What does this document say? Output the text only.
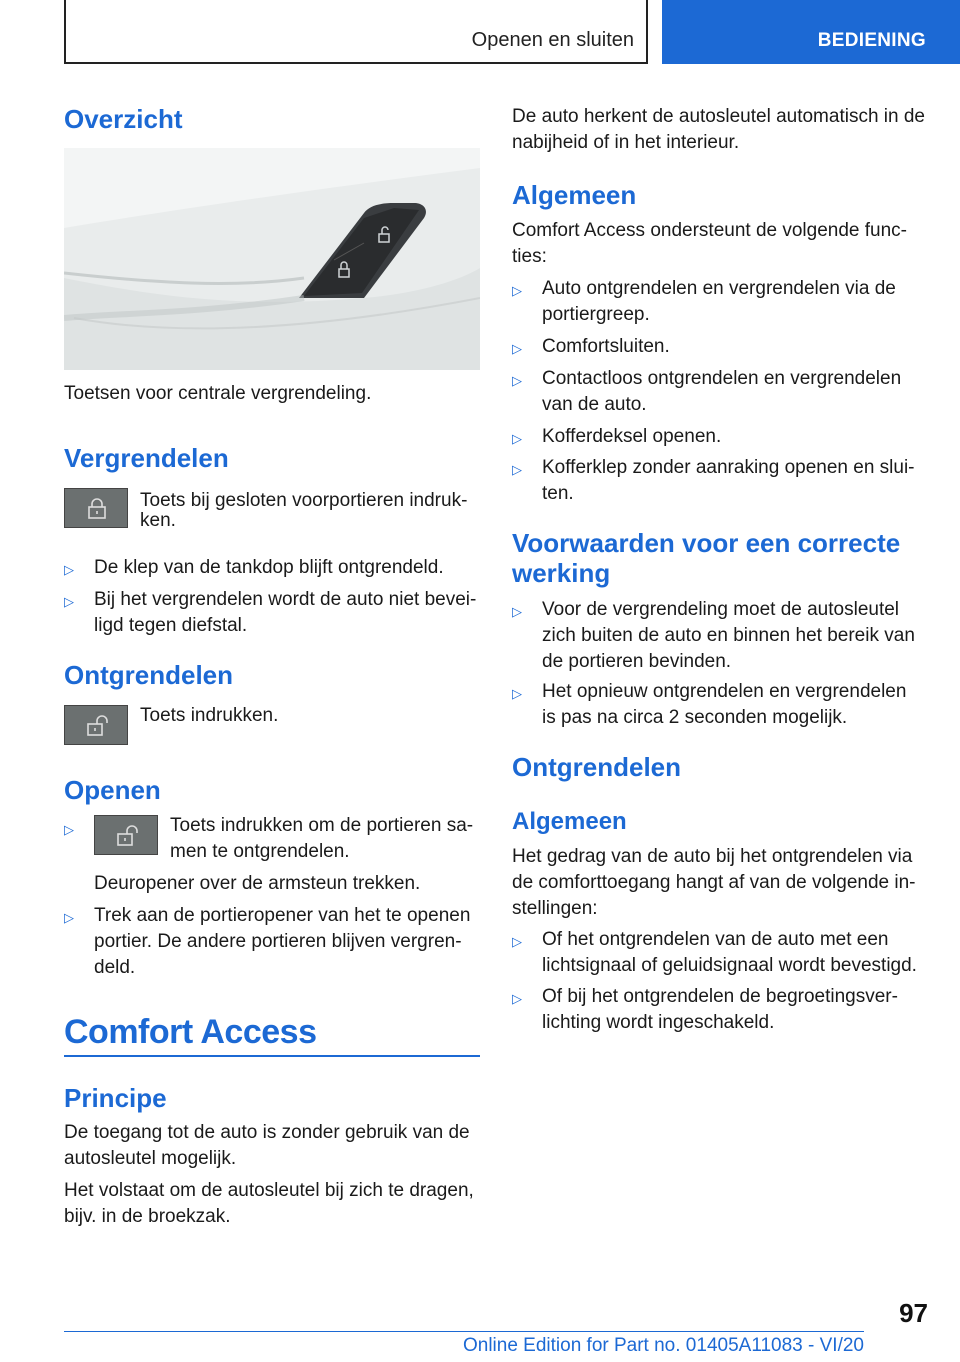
Openen en sluiten	BEDIENING
Overzicht
Toetsen voor centrale vergrendeling.
Vergrendelen
Toets bij gesloten voorportieren indruk-
ken.
▷ De klep van de tankdop blijft ontgrendeld.
▷ Bij het vergrendelen wordt de auto niet bevei-
ligd tegen diefstal.
Ontgrendelen
Toets indrukken.
Openen
▷	Toets indrukken om de portieren sa-
men te ontgrendelen.
Deuropener over de armsteun trekken.
▷ Trek aan de portieropener van het te openen
portier. De andere portieren blijven vergren-
deld.
Comfort Access
Principe
De toegang tot de auto is zonder gebruik van de
autosleutel mogelijk.
Het volstaat om de autosleutel bij zich te dragen,
bijv. in de broekzak.
De auto herkent de autosleutel automatisch in de
nabijheid of in het interieur.
Algemeen
Comfort Access ondersteunt de volgende func-
ties:
▷ Auto ontgrendelen en vergrendelen via de
portiergreep.
▷ Comfortsluiten.
▷ Contactloos ontgrendelen en vergrendelen
van de auto.
▷ Kofferdeksel openen.
▷ Kofferklep zonder aanraking openen en slui-
ten.
Voorwaarden voor een correcte
werking
▷ Voor de vergrendeling moet de autosleutel
zich buiten de auto en binnen het bereik van
de portieren bevinden.
▷ Het opnieuw ontgrendelen en vergrendelen
is pas na circa 2 seconden mogelijk.
Ontgrendelen
Algemeen
Het gedrag van de auto bij het ontgrendelen via
de comforttoegang hangt af van de volgende in-
stellingen:
▷ Of het ontgrendelen van de auto met een
lichtsignaal of geluidsignaal wordt bevestigd.
▷ Of bij het ontgrendelen de begroetingsver-
lichting wordt ingeschakeld.
97
Online Edition for Part no. 01405A11083 - VI/20
